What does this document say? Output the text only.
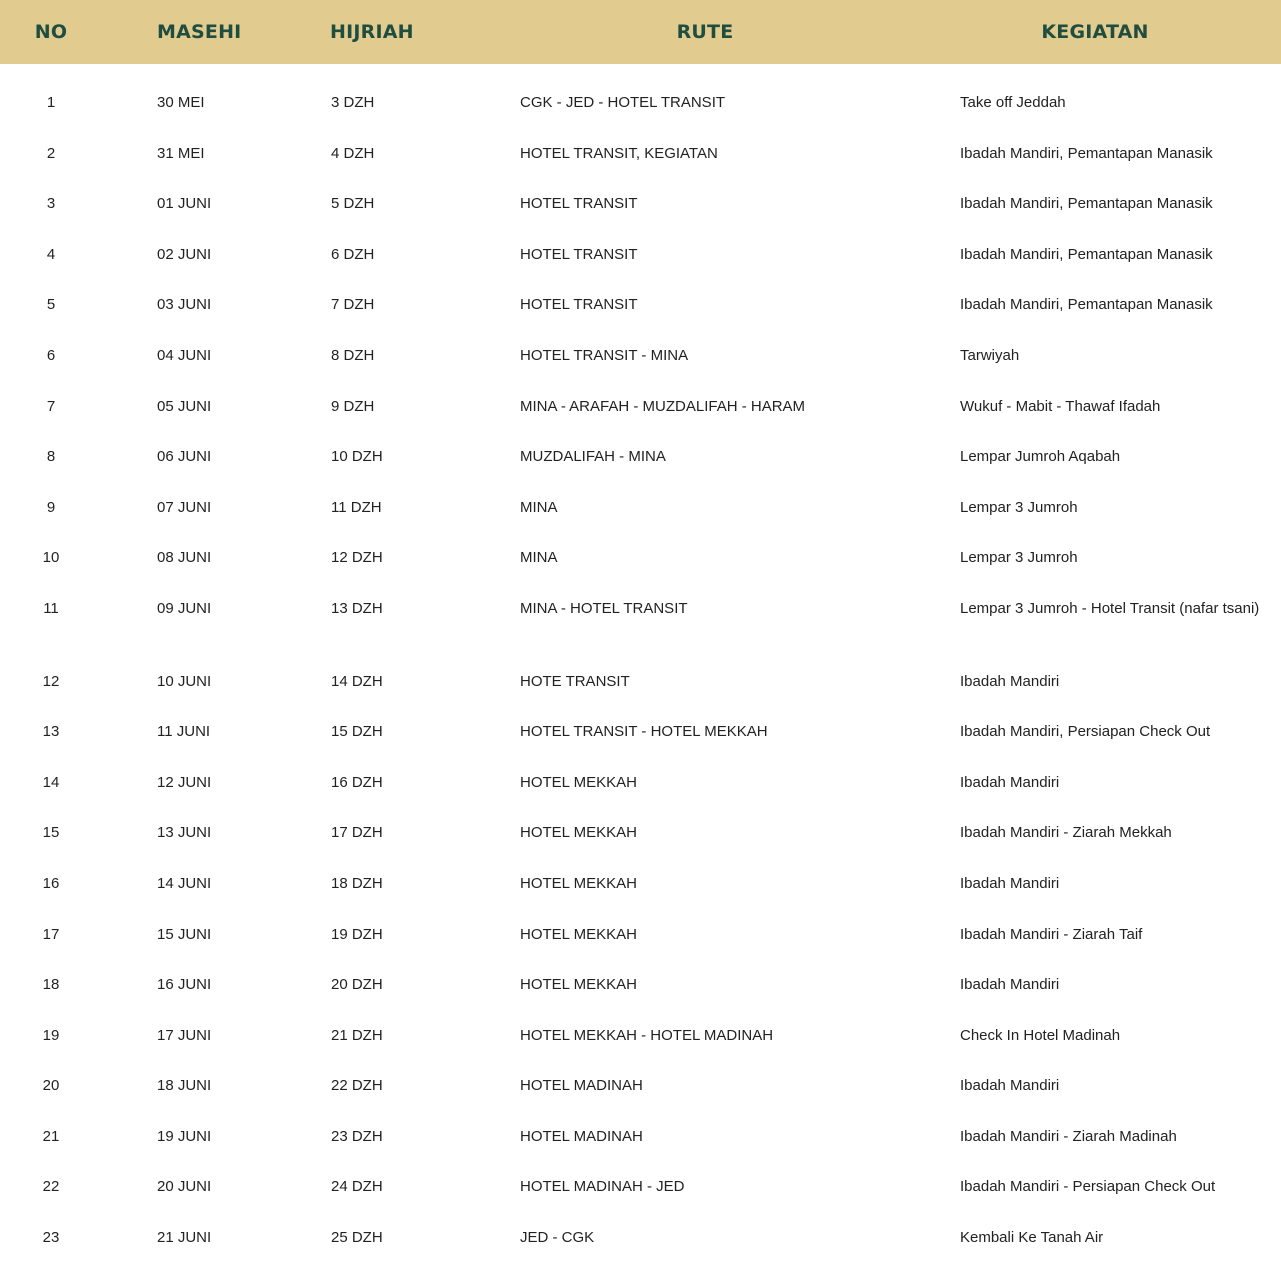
NO	MASEHI	HIJRIAH	RUTE	KEGIATAN
1	30 MEI	3 DZH	CGK - JED - HOTEL TRANSIT	Take off Jeddah
2	31 MEI	4 DZH	HOTEL TRANSIT, KEGIATAN	Ibadah Mandiri, Pemantapan Manasik
3	01 JUNI	5 DZH	HOTEL TRANSIT	Ibadah Mandiri, Pemantapan Manasik
4	02 JUNI	6 DZH	HOTEL TRANSIT	Ibadah Mandiri, Pemantapan Manasik
5	03 JUNI	7 DZH	HOTEL TRANSIT	Ibadah Mandiri, Pemantapan Manasik
6	04 JUNI	8 DZH	HOTEL TRANSIT - MINA	Tarwiyah
7	05 JUNI	9 DZH	MINA - ARAFAH - MUZDALIFAH - HARAM	Wukuf - Mabit - Thawaf Ifadah
8	06 JUNI	10 DZH	MUZDALIFAH - MINA	Lempar Jumroh Aqabah
9	07 JUNI	11 DZH	MINA	Lempar 3 Jumroh
10	08 JUNI	12 DZH	MINA	Lempar 3 Jumroh
11	09 JUNI	13 DZH	MINA - HOTEL TRANSIT	Lempar 3 Jumroh - Hotel Transit (nafar tsani)
12	10 JUNI	14 DZH	HOTE TRANSIT	Ibadah Mandiri
13	11 JUNI	15 DZH	HOTEL TRANSIT - HOTEL MEKKAH	Ibadah Mandiri, Persiapan Check Out
14	12 JUNI	16 DZH	HOTEL MEKKAH	Ibadah Mandiri
15	13 JUNI	17 DZH	HOTEL MEKKAH	Ibadah Mandiri - Ziarah Mekkah
16	14 JUNI	18 DZH	HOTEL MEKKAH	Ibadah Mandiri
17	15 JUNI	19 DZH	HOTEL MEKKAH	Ibadah Mandiri - Ziarah Taif
18	16 JUNI	20 DZH	HOTEL MEKKAH	Ibadah Mandiri
19	17 JUNI	21 DZH	HOTEL MEKKAH - HOTEL MADINAH	Check In Hotel Madinah
20	18 JUNI	22 DZH	HOTEL MADINAH	Ibadah Mandiri
21	19 JUNI	23 DZH	HOTEL MADINAH	Ibadah Mandiri - Ziarah Madinah
22	20 JUNI	24 DZH	HOTEL MADINAH - JED	Ibadah Mandiri - Persiapan Check Out
23	21 JUNI	25 DZH	JED - CGK	Kembali Ke Tanah Air
